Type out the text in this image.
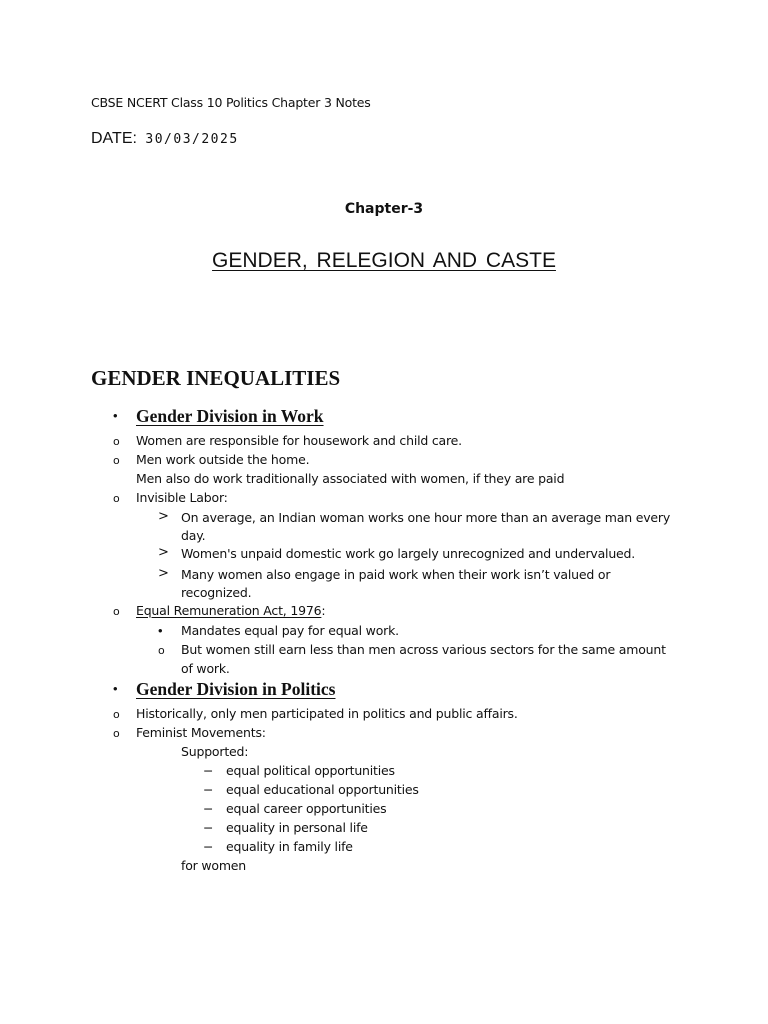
CBSE NCERT Class 10 Politics Chapter 3 Notes
DATE: 30/03/2025
Chapter-3
GENDER, RELEGION AND CASTE
GENDER INEQUALITIES
• Gender Division in Work
o Women are responsible for housework and child care.
o Men work outside the home.
Men also do work traditionally associated with women, if they are paid
o Invisible Labor:
> On average, an Indian woman works one hour more than an average man every
day.
> Women's unpaid domestic work go largely unrecognized and undervalued.
> Many women also engage in paid work when their work isn’t valued or
recognized.
o Equal Remuneration Act, 1976:
• Mandates equal pay for equal work.
o But women still earn less than men across various sectors for the same amount
of work.
• Gender Division in Politics
o Historically, only men participated in politics and public affairs.
o Feminist Movements:
Supported:
− equal political opportunities
− equal educational opportunities
− equal career opportunities
− equality in personal life
− equality in family life
for women
